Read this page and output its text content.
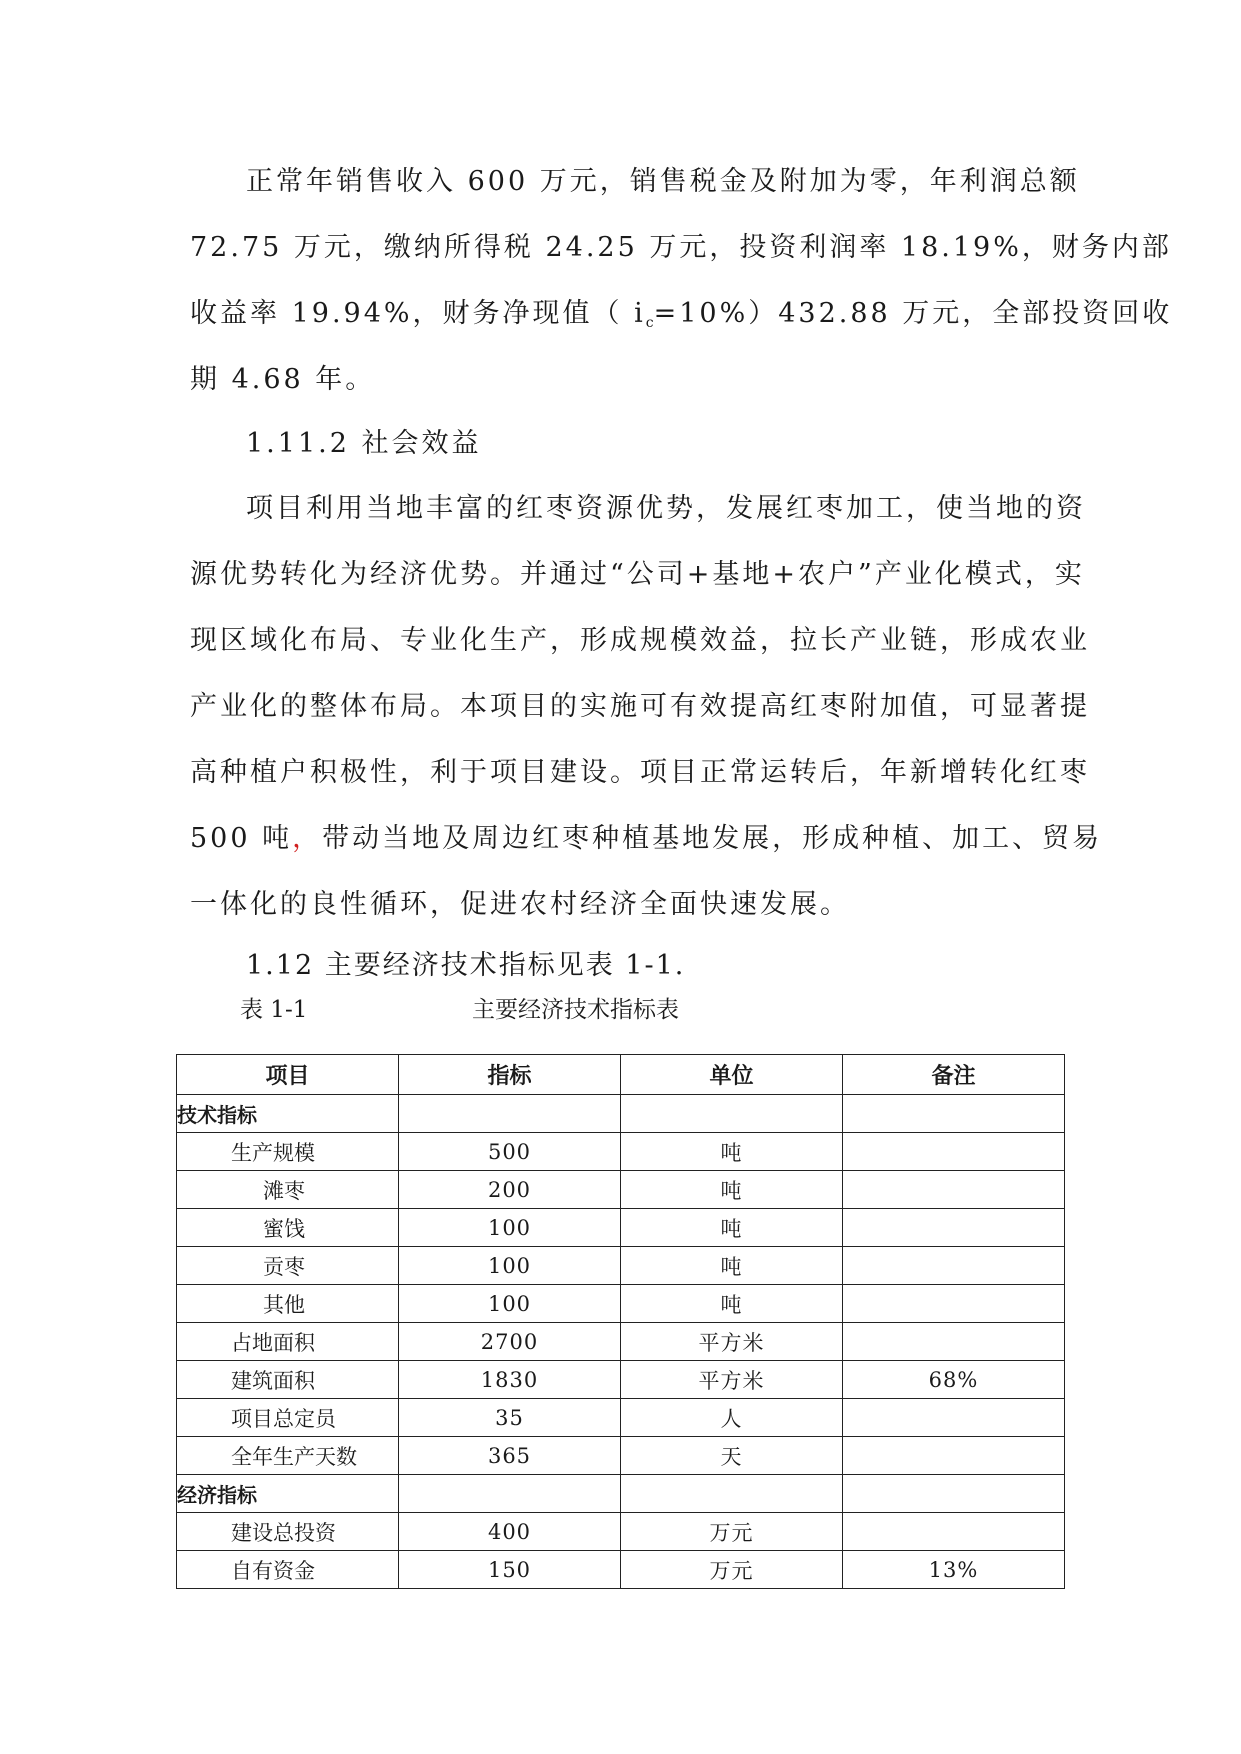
正常年销售收入 600 万元，销售税金及附加为零，年利润总额
72.75 万元，缴纳所得税 24.25 万元，投资利润率 18.19%，财务内部
收益率 19.94%，财务净现值（ $i_c=10\%)432.88$ 万元，全部投资回收
期 4.68 年。
1.11.2 社会效益
项目利用当地丰富的红枣资源优势，发展红枣加工，使当地的资
源优势转化为经济优势。并通过“公司+基地+农户”产业化模式，实
现区域化布局、专业化生产，形成规模效益，拉长产业链，形成农业
产业化的整体布局。本项目的实施可有效提高红枣附加值，可显著提
高种植户积极性，利于项目建设。项目正常运转后，年新增转化红枣
500 吨，带动当地及周边红枣种植基地发展，形成种植、加工、贸易
一体化的良性循环，促进农村经济全面快速发展。
1.12 主要经济技术指标见表 1-1.
表 1-1	主要经济技术指标表
项目	指标	单位	备注
技术指标			
生产规模	500	吨	
滩枣	200	吨	
蜜饯	100	吨	
贡枣	100	吨	
其他	100	吨	
占地面积	2700	平方米	
建筑面积	1830	平方米	68%
项目总定员	35	人	
全年生产天数	365	天	
经济指标			
建设总投资	400	万元	
自有资金	150	万元	13%
